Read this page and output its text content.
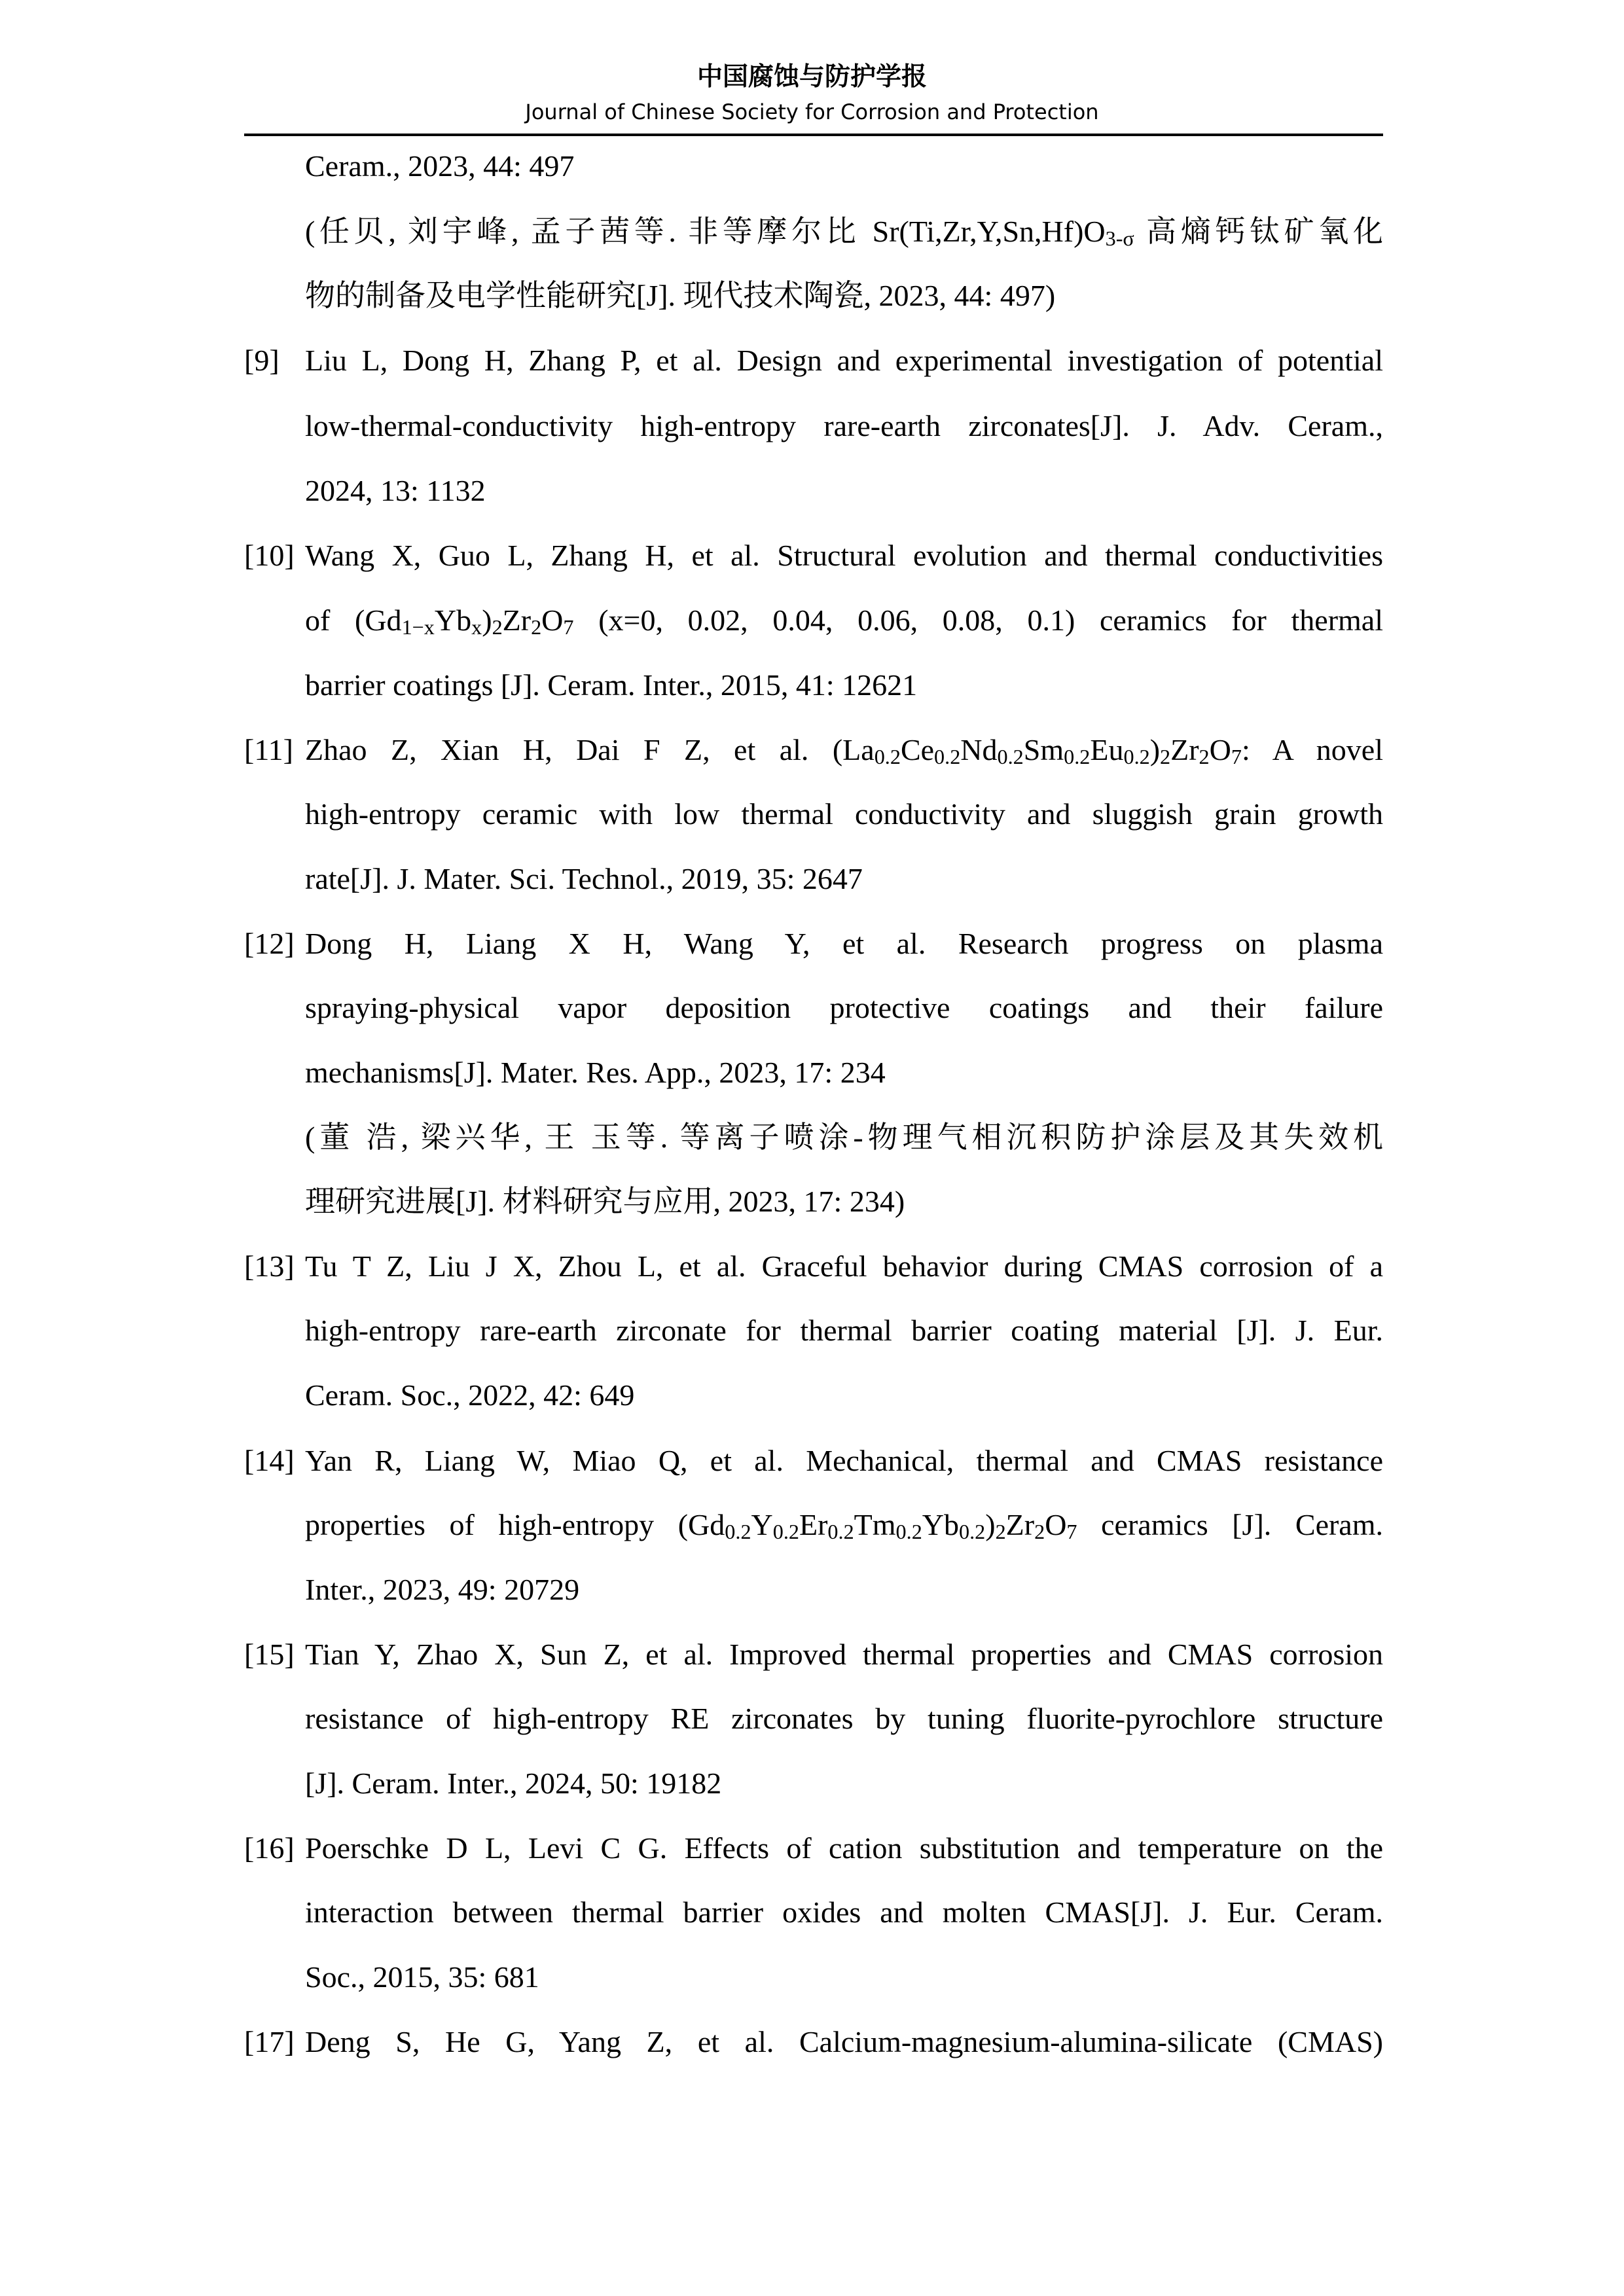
中国腐蚀与防护学报
Journal of Chinese Society for Corrosion and Protection
Ceram., 2023, 44: 497
(任贝, 刘宇峰, 孟子茜等. 非等摩尔比 $Sr(Ti,Zr,Y,Sn,Hf)O_{3-\sigma}$ 高熵钙钛矿氧化
物的制备及电学性能研究[J]. 现代技术陶瓷, 2023, 44: 497)
[9] Liu L, Dong H, Zhang P, et al. Design and experimental investigation of potential
low-thermal-conductivity high-entropy rare-earth zirconates[J]. J. Adv. Ceram.,
2024, 13: 1132
[10] Wang X, Guo L, Zhang H, et al. Structural evolution and thermal conductivities
of $(Gd_{1-x}Yb_x)_2Zr_2O_7$ (x=0, 0.02, 0.04, 0.06, 0.08, 0.1) ceramics for thermal
barrier coatings [J]. Ceram. Inter., 2015, 41: 12621
[11] Zhao Z, Xian H, Dai F Z, et al. $(La_{0.2}Ce_{0.2}Nd_{0.2}Sm_{0.2}Eu_{0.2})_2Zr_2O_7$: A novel
high-entropy ceramic with low thermal conductivity and sluggish grain growth
rate[J]. J. Mater. Sci. Technol., 2019, 35: 2647
[12] Dong H, Liang X H, Wang Y, et al. Research progress on plasma
spraying-physical vapor deposition protective coatings and their failure
mechanisms[J]. Mater. Res. App., 2023, 17: 234
(董 浩, 梁兴华, 王 玉等. 等离子喷涂-物理气相沉积防护涂层及其失效机
理研究进展[J]. 材料研究与应用, 2023, 17: 234)
[13] Tu T Z, Liu J X, Zhou L, et al. Graceful behavior during CMAS corrosion of a
high-entropy rare-earth zirconate for thermal barrier coating material [J]. J. Eur.
Ceram. Soc., 2022, 42: 649
[14] Yan R, Liang W, Miao Q, et al. Mechanical, thermal and CMAS resistance
properties of high-entropy $(Gd_{0.2}Y_{0.2}Er_{0.2}Tm_{0.2}Yb_{0.2})_2Zr_2O_7$ ceramics [J]. Ceram.
Inter., 2023, 49: 20729
[15] Tian Y, Zhao X, Sun Z, et al. Improved thermal properties and CMAS corrosion
resistance of high-entropy RE zirconates by tuning fluorite-pyrochlore structure
[J]. Ceram. Inter., 2024, 50: 19182
[16] Poerschke D L, Levi C G. Effects of cation substitution and temperature on the
interaction between thermal barrier oxides and molten CMAS[J]. J. Eur. Ceram.
Soc., 2015, 35: 681
[17] Deng S, He G, Yang Z, et al. Calcium-magnesium-alumina-silicate (CMAS)
